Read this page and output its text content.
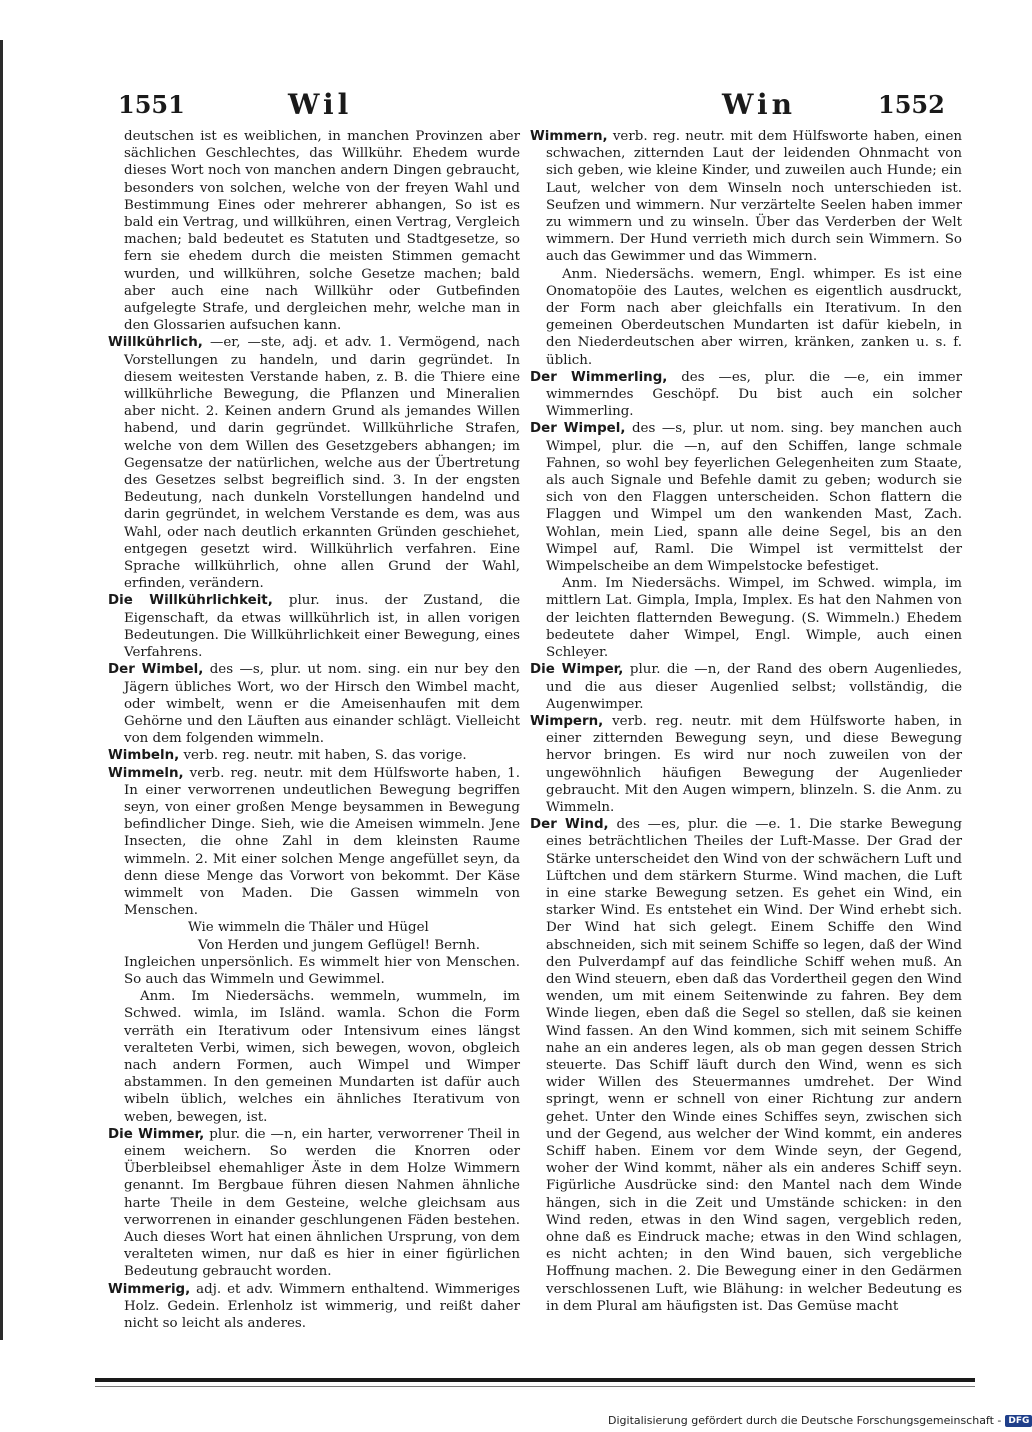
1551	Wil	Win	1552
deutschen ist es weiblichen, in manchen Provinzen aber sächlichen Geschlechtes, das Willkühr. Ehedem wurde dieses Wort noch von manchen andern Dingen gebraucht, besonders von solchen, welche von der freyen Wahl und Bestimmung Eines oder mehrerer abhangen, So ist es bald ein Vertrag, und willkühren, einen Vertrag, Vergleich machen; bald bedeutet es Statuten und Stadtgesetze, so fern sie ehedem durch die meisten Stimmen gemacht wurden, und willkühren, solche Gesetze machen; bald aber auch eine nach Willkühr oder Gutbefinden aufgelegte Strafe, und dergleichen mehr, welche man in den Glossarien aufsuchen kann.
Willkührlich, —er, —ste, adj. et adv. 1. Vermögend, nach Vorstellungen zu handeln, und darin gegründet. In diesem weitesten Verstande haben, z. B. die Thiere eine willkührliche Bewegung, die Pflanzen und Mineralien aber nicht. 2. Keinen andern Grund als jemandes Willen habend, und darin gegründet. Willkührliche Strafen, welche von dem Willen des Gesetzgebers abhangen; im Gegensatze der natürlichen, welche aus der Übertretung des Gesetzes selbst begreiflich sind. 3. In der engsten Bedeutung, nach dunkeln Vorstellungen handelnd und darin gegründet, in welchem Verstande es dem, was aus Wahl, oder nach deutlich erkannten Gründen geschiehet, entgegen gesetzt wird. Willkührlich verfahren. Eine Sprache willkührlich, ohne allen Grund der Wahl, erfinden, verändern.
Die Willkührlichkeit, plur. inus. der Zustand, die Eigenschaft, da etwas willkührlich ist, in allen vorigen Bedeutungen. Die Willkührlichkeit einer Bewegung, eines Verfahrens.
Der Wimbel, des —s, plur. ut nom. sing. ein nur bey den Jägern übliches Wort, wo der Hirsch den Wimbel macht, oder wimbelt, wenn er die Ameisenhaufen mit dem Gehörne und den Läuften aus einander schlägt. Vielleicht von dem folgenden wimmeln.
Wimbeln, verb. reg. neutr. mit haben, S. das vorige.
Wimmeln, verb. reg. neutr. mit dem Hülfsworte haben, 1. In einer verworrenen undeutlichen Bewegung begriffen seyn, von einer großen Menge beysammen in Bewegung befindlicher Dinge. Sieh, wie die Ameisen wimmeln. Jene Insecten, die ohne Zahl in dem kleinsten Raume wimmeln. 2. Mit einer solchen Menge angefüllet seyn, da denn diese Menge das Vorwort von bekommt. Der Käse wimmelt von Maden. Die Gassen wimmeln von Menschen.
Wie wimmeln die Thäler und Hügel
Von Herden und jungem Geflügel! Bernh.
Ingleichen unpersönlich. Es wimmelt hier von Menschen. So auch das Wimmeln und Gewimmel.
Anm. Im Niedersächs. wemmeln, wummeln, im Schwed. wimla, im Isländ. wamla. Schon die Form verräth ein Iterativum oder Intensivum eines längst veralteten Verbi, wimen, sich bewegen, wovon, obgleich nach andern Formen, auch Wimpel und Wimper abstammen. In den gemeinen Mundarten ist dafür auch wibeln üblich, welches ein ähnliches Iterativum von weben, bewegen, ist.
Die Wimmer, plur. die —n, ein harter, verworrener Theil in einem weichern. So werden die Knorren oder Überbleibsel ehemahliger Äste in dem Holze Wimmern genannt. Im Bergbaue führen diesen Nahmen ähnliche harte Theile in dem Gesteine, welche gleichsam aus verworrenen in einander geschlungenen Fäden bestehen. Auch dieses Wort hat einen ähnlichen Ursprung, von dem veralteten wimen, nur daß es hier in einer figürlichen Bedeutung gebraucht worden.
Wimmerig, adj. et adv. Wimmern enthaltend. Wimmeriges Holz. Gedein. Erlenholz ist wimmerig, und reißt daher nicht so leicht als anderes.
Wimmern, verb. reg. neutr. mit dem Hülfsworte haben, einen schwachen, zitternden Laut der leidenden Ohnmacht von sich geben, wie kleine Kinder, und zuweilen auch Hunde; ein Laut, welcher von dem Winseln noch unterschieden ist. Seufzen und wimmern. Nur verzärtelte Seelen haben immer zu wimmern und zu winseln. Über das Verderben der Welt wimmern. Der Hund verrieth mich durch sein Wimmern. So auch das Gewimmer und das Wimmern.
Anm. Niedersächs. wemern, Engl. whimper. Es ist eine Onomatopöie des Lautes, welchen es eigentlich ausdruckt, der Form nach aber gleichfalls ein Iterativum. In den gemeinen Oberdeutschen Mundarten ist dafür kiebeln, in den Niederdeutschen aber wirren, kränken, zanken u. s. f. üblich.
Der Wimmerling, des —es, plur. die —e, ein immer wimmerndes Geschöpf. Du bist auch ein solcher Wimmerling.
Der Wimpel, des —s, plur. ut nom. sing. bey manchen auch Wimpel, plur. die —n, auf den Schiffen, lange schmale Fahnen, so wohl bey feyerlichen Gelegenheiten zum Staate, als auch Signale und Befehle damit zu geben; wodurch sie sich von den Flaggen unterscheiden. Schon flattern die Flaggen und Wimpel um den wankenden Mast, Zach. Wohlan, mein Lied, spann alle deine Segel, bis an den Wimpel auf, Raml. Die Wimpel ist vermittelst der Wimpelscheibe an dem Wimpelstocke befestiget.
Anm. Im Niedersächs. Wimpel, im Schwed. wimpla, im mittlern Lat. Gimpla, Impla, Implex. Es hat den Nahmen von der leichten flatternden Bewegung. (S. Wimmeln.) Ehedem bedeutete daher Wimpel, Engl. Wimple, auch einen Schleyer.
Die Wimper, plur. die —n, der Rand des obern Augenliedes, und die aus dieser Augenlied selbst; vollständig, die Augenwimper.
Wimpern, verb. reg. neutr. mit dem Hülfsworte haben, in einer zitternden Bewegung seyn, und diese Bewegung hervor bringen. Es wird nur noch zuweilen von der ungewöhnlich häufigen Bewegung der Augenlieder gebraucht. Mit den Augen wimpern, blinzeln. S. die Anm. zu Wimmeln.
Der Wind, des —es, plur. die —e. 1. Die starke Bewegung eines beträchtlichen Theiles der Luft-Masse. Der Grad der Stärke unterscheidet den Wind von der schwächern Luft und Lüftchen und dem stärkern Sturme. Wind machen, die Luft in eine starke Bewegung setzen. Es gehet ein Wind, ein starker Wind. Es entstehet ein Wind. Der Wind erhebt sich. Der Wind hat sich gelegt. Einem Schiffe den Wind abschneiden, sich mit seinem Schiffe so legen, daß der Wind den Pulverdampf auf das feindliche Schiff wehen muß. An den Wind steuern, eben daß das Vordertheil gegen den Wind wenden, um mit einem Seitenwinde zu fahren. Bey dem Winde liegen, eben daß die Segel so stellen, daß sie keinen Wind fassen. An den Wind kommen, sich mit seinem Schiffe nahe an ein anderes legen, als ob man gegen dessen Strich steuerte. Das Schiff läuft durch den Wind, wenn es sich wider Willen des Steuermannes umdrehet. Der Wind springt, wenn er schnell von einer Richtung zur andern gehet. Unter den Winde eines Schiffes seyn, zwischen sich und der Gegend, aus welcher der Wind kommt, ein anderes Schiff haben. Einem vor dem Winde seyn, der Gegend, woher der Wind kommt, näher als ein anderes Schiff seyn. Figürliche Ausdrücke sind: den Mantel nach dem Winde hängen, sich in die Zeit und Umstände schicken: in den Wind reden, etwas in den Wind sagen, vergeblich reden, ohne daß es Eindruck mache; etwas in den Wind schlagen, es nicht achten; in den Wind bauen, sich vergebliche Hoffnung machen. 2. Die Bewegung einer in den Gedärmen verschlossenen Luft, wie Blähung: in welcher Bedeutung es in dem Plural am häufigsten ist. Das Gemüse macht
Digitalisierung gefördert durch die Deutsche Forschungsgemeinschaft - DFG
